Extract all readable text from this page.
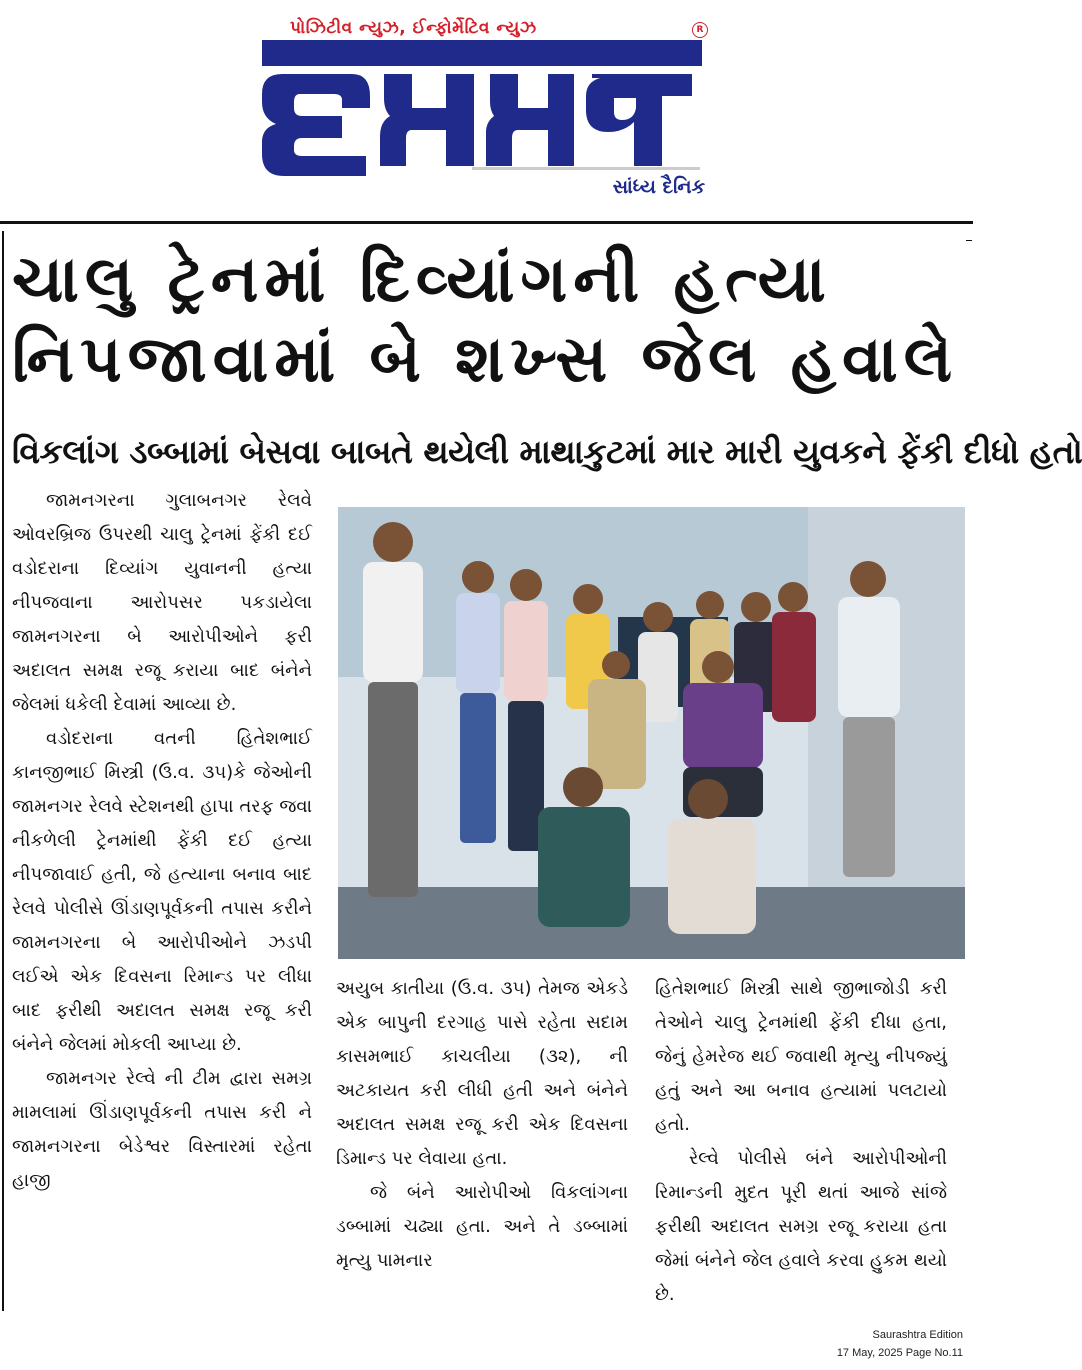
પોઝિટીવ ન્યુઝ, ઈન્ફોર્મેટિવ ન્યુઝ	R
સાંધ્ય દૈનિક
ચાલુ ટ્રેનમાં દિવ્યાંગની હત્યા
નિપજાવામાં બે શખ્સ જેલ હવાલે
વિકલાંગ ડબ્બામાં બેસવા બાબતે થયેલી માથાકુટમાં માર મારી યુવકને ફેંકી દીધો હતો

જામનગરના ગુલાબનગર રેલવે ઓવરબ્રિજ ઉપરથી ચાલુ ટ્રેનમાં ફેંકી દઈ વડોદરાના દિવ્યાંગ યુવાનની હત્યા નીપજવાના આરોપસર પકડાયેલા જામનગરના બે આરોપીઓને ફરી અદાલત સમક્ષ રજૂ કરાયા બાદ બંનેને જેલમાં ધકેલી દેવામાં આવ્યા છે.

વડોદરાના વતની હિતેશભાઈ કાનજીભાઈ મિસ્ત્રી (ઉ.વ. ૩૫)કે જેઓની જામનગર રેલવે સ્ટેશનથી હાપા તરફ જવા નીકળેલી ટ્રેનમાંથી ફેંકી દઈ હત્યા નીપજાવાઈ હતી, જે હત્યાના બનાવ બાદ રેલવે પોલીસે ઊંડાણપૂર્વકની તપાસ કરીને જામનગરના બે આરોપીઓને ઝડપી લઈએ એક દિવસના રિમાન્ડ પર લીધા બાદ ફરીથી અદાલત સમક્ષ રજૂ કરી બંનેને જેલમાં મોકલી આપ્યા છે.

જામનગર રેલ્વે ની ટીમ દ્વારા સમગ્ર મામલામાં ઊંડાણપૂર્વકની તપાસ કરી ને જામનગરના બેડેશ્વર વિસ્તારમાં રહેતા હાજી

અયુબ કાતીયા (ઉ.વ. ૩૫) તેમજ એકડે એક બાપુની દરગાહ પાસે રહેતા સદામ કાસમભાઈ કાચલીયા (૩૨), ની અટકાયત કરી લીધી હતી અને બંનેને અદાલત સમક્ષ રજૂ કરી એક દિવસના ડિમાન્ડ પર લેવાયા હતા.

જે બંને આરોપીઓ વિકલાંગના ડબ્બામાં ચઢ્યા હતા. અને તે ડબ્બામાં મૃત્યુ પામનાર

હિતેશભાઈ મિસ્ત્રી સાથે જીભાજોડી કરી તેઓને ચાલુ ટ્રેનમાંથી ફેંકી દીધા હતા, જેનું હેમરેજ થઈ જવાથી મૃત્યુ નીપજ્યું હતું અને આ બનાવ હત્યામાં પલટાયો હતો.

રેલ્વે પોલીસે બંને આરોપીઓની રિમાન્ડની મુદત પૂરી થતાં આજે સાંજે ફરીથી અદાલત સમગ્ર રજૂ કરાયા હતા જેમાં બંનેને જેલ હવાલે કરવા હુકમ થયો છે.

Saurashtra Edition
17 May, 2025 Page No.11
